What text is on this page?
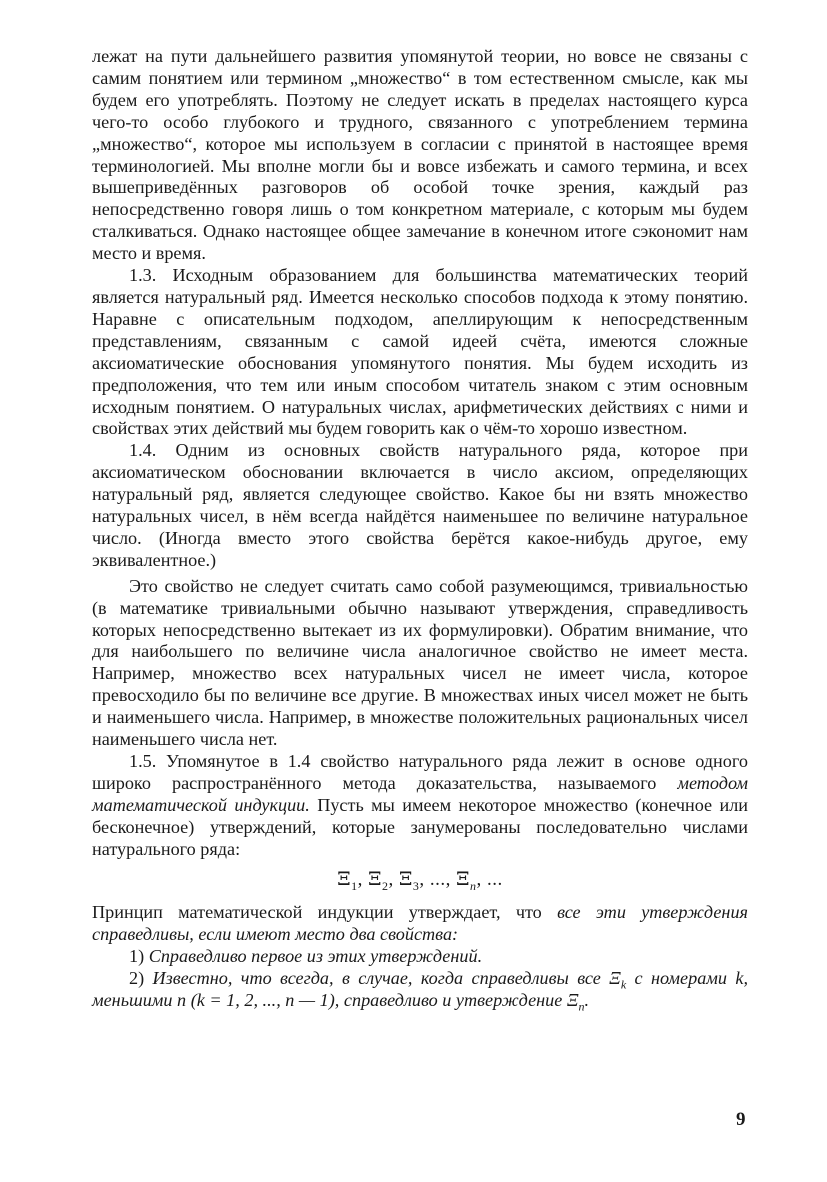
лежат на пути дальнейшего развития упомянутой теории, но вовсе не связаны с самим понятием или термином „множество“ в том естественном смысле, как мы будем его употреблять. Поэтому не следует искать в пределах настоящего курса чего-то особо глубокого и трудного, связанного с употреблением термина „множество“, которое мы используем в согласии с принятой в настоящее время терминологией. Мы вполне могли бы и вовсе избежать и самого термина, и всех вышеприведённых разговоров об особой точке зрения, каждый раз непосредственно говоря лишь о том конкретном материале, с которым мы будем сталкиваться. Однако настоящее общее замечание в конечном итоге сэкономит нам место и время.

1.3. Исходным образованием для большинства математических теорий является натуральный ряд. Имеется несколько способов подхода к этому понятию. Наравне с описательным подходом, апеллирующим к непосредственным представлениям, связанным с самой идеей счёта, имеются сложные аксиоматические обоснования упомянутого понятия. Мы будем исходить из предположения, что тем или иным способом читатель знаком с этим основным исходным понятием. О натуральных числах, арифметических действиях с ними и свойствах этих действий мы будем говорить как о чём-то хорошо известном.

1.4. Одним из основных свойств натурального ряда, которое при аксиоматическом обосновании включается в число аксиом, определяющих натуральный ряд, является следующее свойство. Какое бы ни взять множество натуральных чисел, в нём всегда найдётся наименьшее по величине натуральное число. (Иногда вместо этого свойства берётся какое-нибудь другое, ему эквивалентное.)

Это свойство не следует считать само собой разумеющимся, тривиальностью (в математике тривиальными обычно называют утверждения, справедливость которых непосредственно вытекает из их формулировки). Обратим внимание, что для наибольшего по величине числа аналогичное свойство не имеет места. Например, множество всех натуральных чисел не имеет числа, которое превосходило бы по величине все другие. В множествах иных чисел может не быть и наименьшего числа. Например, в множестве положительных рациональных чисел наименьшего числа нет.

1.5. Упомянутое в 1.4 свойство натурального ряда лежит в основе одного широко распространённого метода доказательства, называемого методом математической индукции. Пусть мы имеем некоторое множество (конечное или бесконечное) утверждений, которые занумерованы последовательно числами натурального ряда:

$\Xi_1$, $\Xi_2$, $\Xi_3$, ..., $\Xi_n$, ...

Принцип математической индукции утверждает, что все эти утверждения справедливы, если имеют место два свойства:

1) Справедливо первое из этих утверждений.

2) Известно, что всегда, в случае, когда справедливы все $\Xi_k$ с номерами k, меньшими n (k = 1, 2, ..., n — 1), справедливо и утверждение $\Xi_n$.

9
